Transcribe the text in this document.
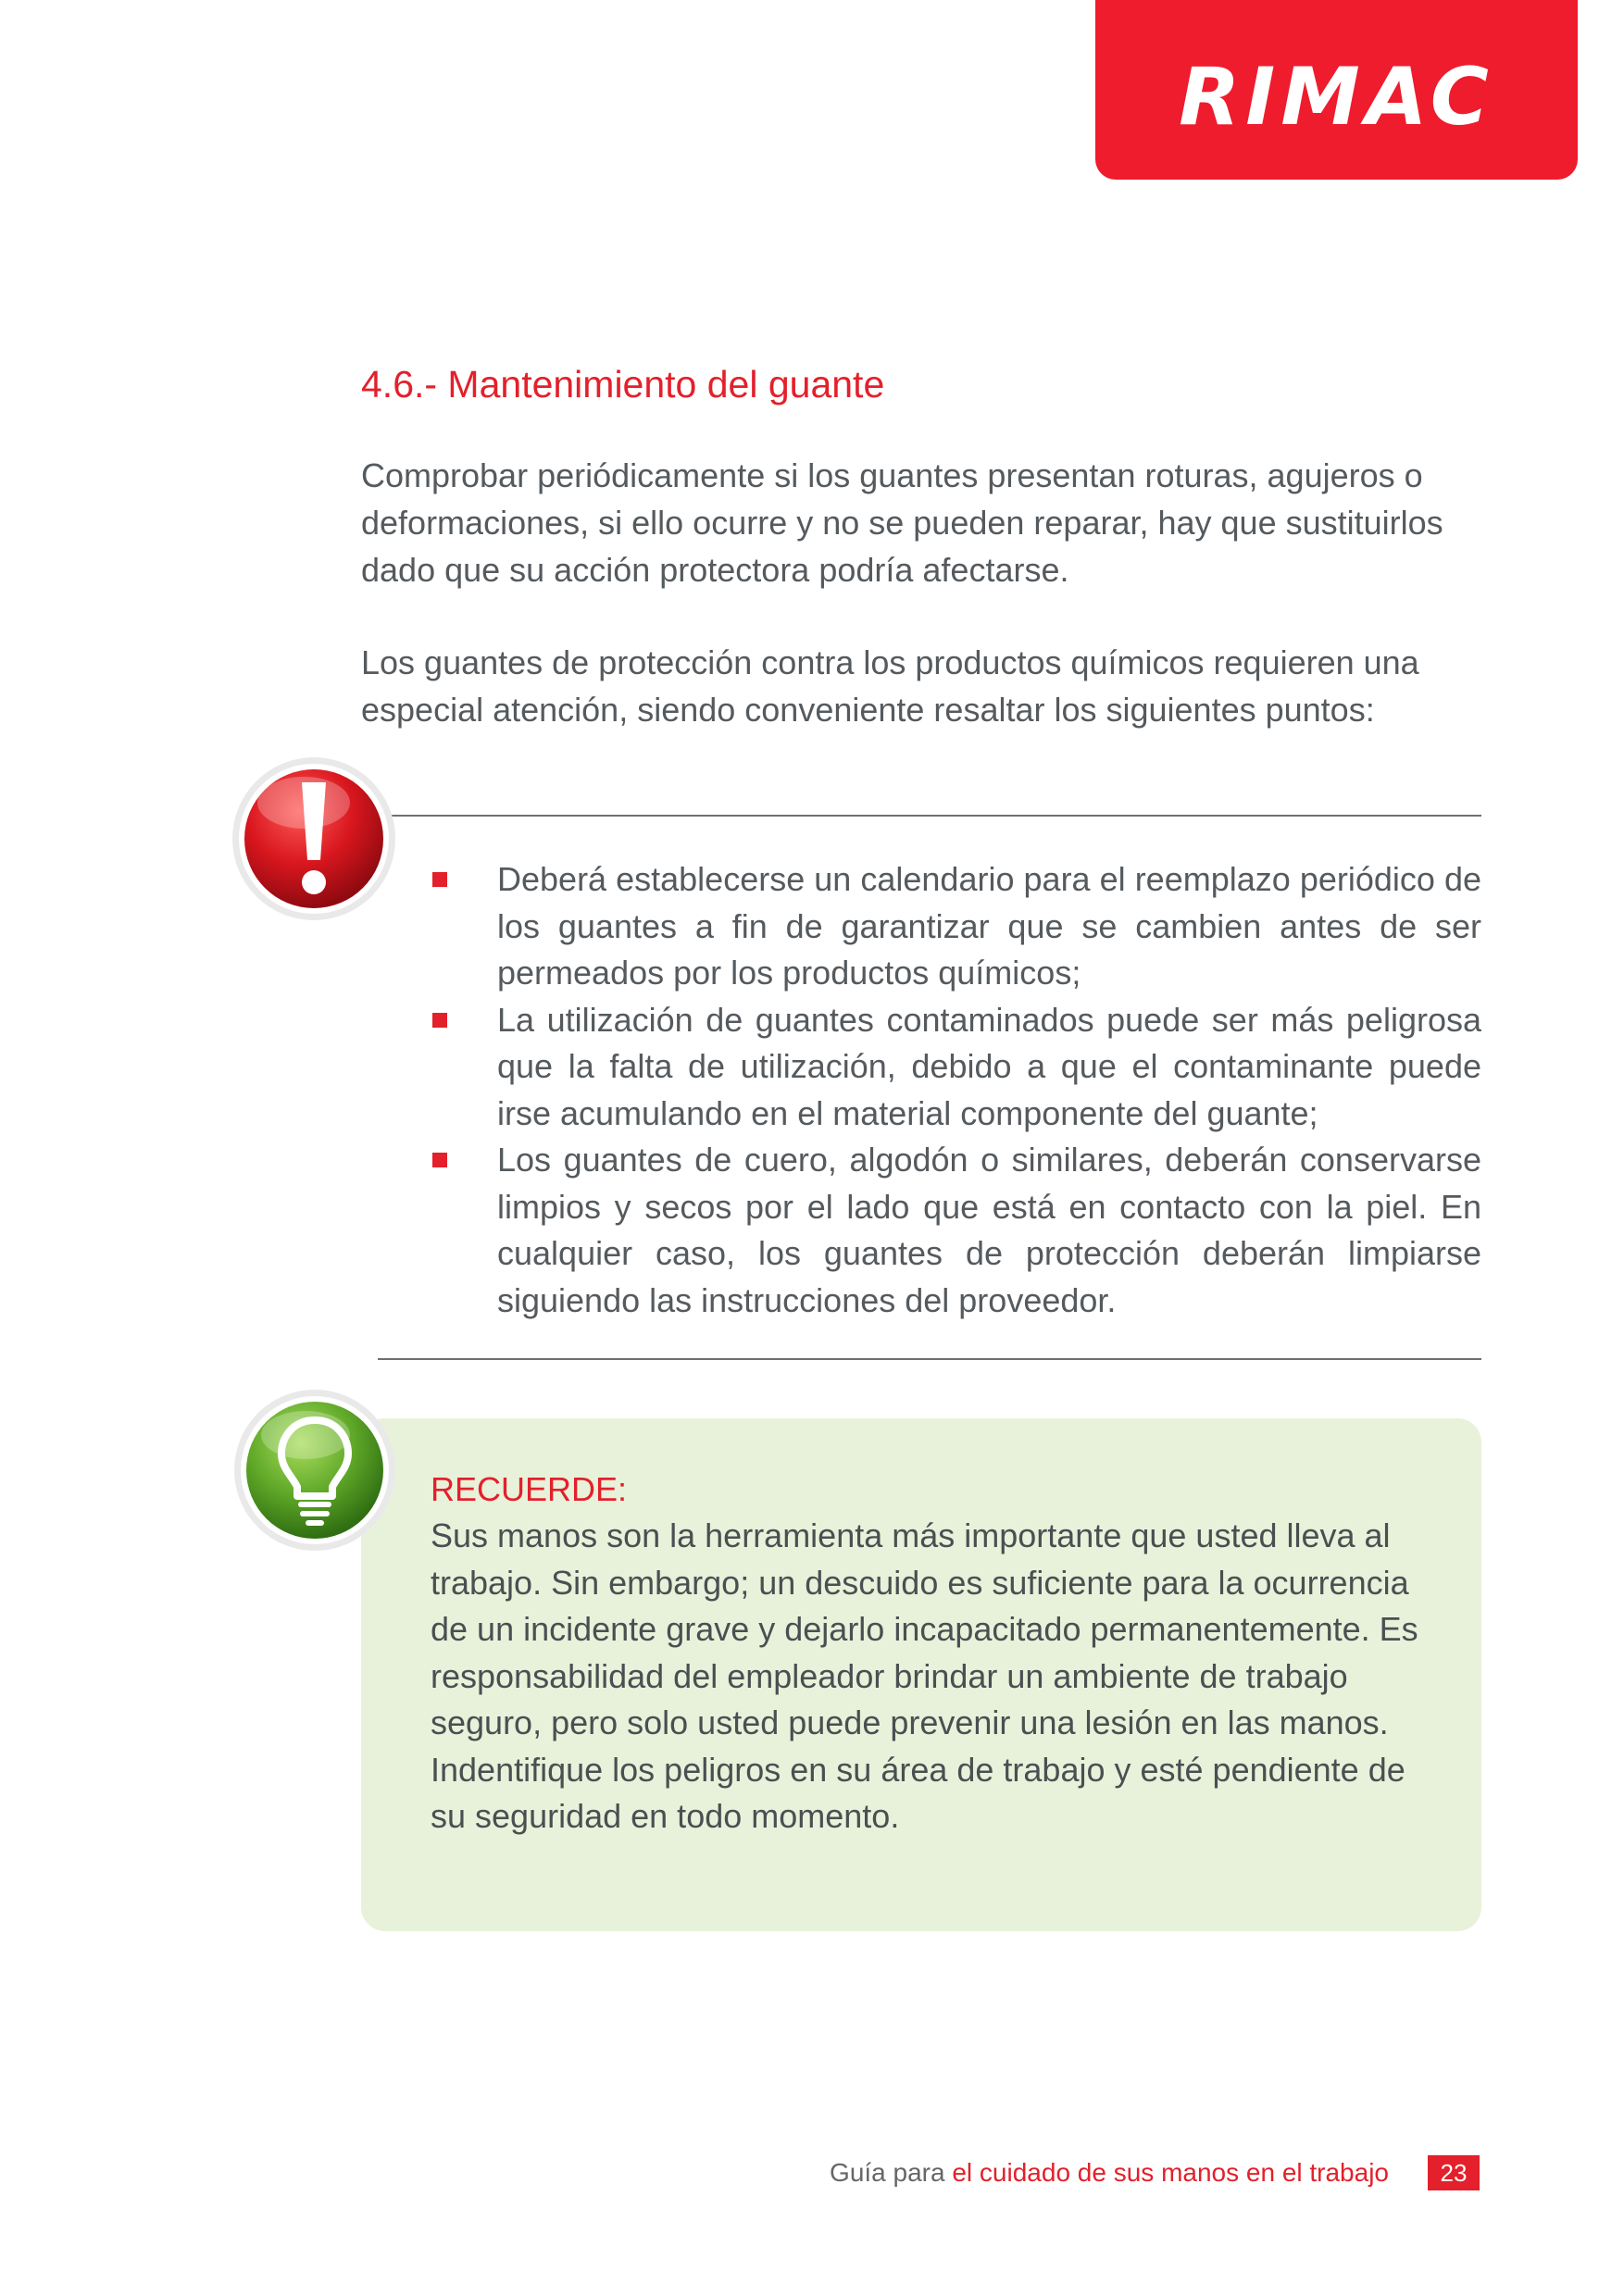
RIMAC
4.6.- Mantenimiento del guante

Comprobar periódicamente si los guantes presentan roturas, agujeros o deformaciones, si ello ocurre y no se pueden reparar, hay que sustituirlos dado que su acción protectora podría afectarse.

Los guantes de protección contra los productos químicos requieren una especial atención, siendo conveniente resaltar los siguientes puntos:

Deberá establecerse un calendario para el reemplazo periódico de los guantes a fin de garantizar que se cambien antes de ser permeados por los productos químicos;
La utilización de guantes contaminados puede ser más peligrosa que la falta de utilización, debido a que el contaminante puede irse acumulando en el material componente del guante;
Los guantes de cuero, algodón o similares, deberán conservarse limpios y secos por el lado que está en contacto con la piel. En cualquier caso, los guantes de protección deberán limpiarse siguiendo las instrucciones del proveedor.
RECUERDE:

Sus manos son la herramienta más importante que usted lleva al trabajo. Sin embargo; un descuido es suficiente para la ocurrencia de un incidente grave y dejarlo incapacitado permanentemente. Es responsabilidad del empleador brindar un ambiente de trabajo seguro, pero solo usted puede prevenir una lesión en las manos. Indentifique los peligros en su área de trabajo y esté pendiente de su seguridad en todo momento.

Guía para el cuidado de sus manos en el trabajo	23
